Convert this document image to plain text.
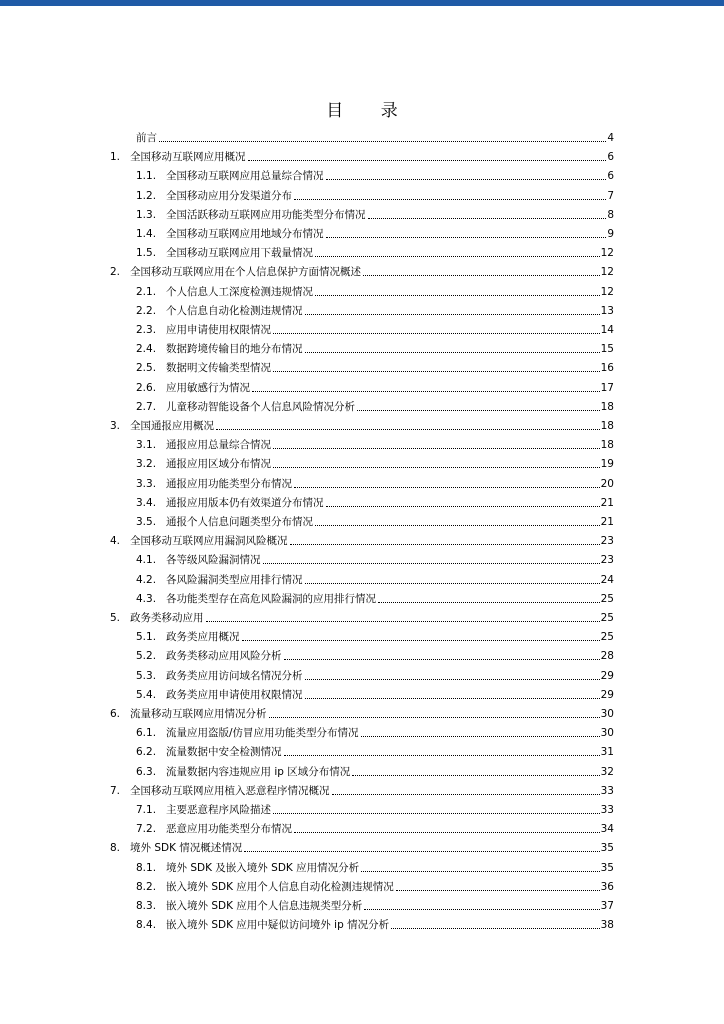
目 录
前言	4
1. 全国移动互联网应用概况	6
1.1. 全国移动互联网应用总量综合情况	6
1.2. 全国移动应用分发渠道分布	7
1.3. 全国活跃移动互联网应用功能类型分布情况	8
1.4. 全国移动互联网应用地域分布情况	9
1.5. 全国移动互联网应用下载量情况	12
2. 全国移动互联网应用在个人信息保护方面情况概述	12
2.1. 个人信息人工深度检测违规情况	12
2.2. 个人信息自动化检测违规情况	13
2.3. 应用申请使用权限情况	14
2.4. 数据跨境传输目的地分布情况	15
2.5. 数据明文传输类型情况	16
2.6. 应用敏感行为情况	17
2.7. 儿童移动智能设备个人信息风险情况分析	18
3. 全国通报应用概况	18
3.1. 通报应用总量综合情况	18
3.2. 通报应用区域分布情况	19
3.3. 通报应用功能类型分布情况	20
3.4. 通报应用版本仍有效渠道分布情况	21
3.5. 通报个人信息问题类型分布情况	21
4. 全国移动互联网应用漏洞风险概况	23
4.1. 各等级风险漏洞情况	23
4.2. 各风险漏洞类型应用排行情况	24
4.3. 各功能类型存在高危风险漏洞的应用排行情况	25
5. 政务类移动应用	25
5.1. 政务类应用概况	25
5.2. 政务类移动应用风险分析	28
5.3. 政务类应用访问域名情况分析	29
5.4. 政务类应用申请使用权限情况	29
6. 流量移动互联网应用情况分析	30
6.1. 流量应用盗版/仿冒应用功能类型分布情况	30
6.2. 流量数据中安全检测情况	31
6.3. 流量数据内容违规应用 ip 区域分布情况	32
7. 全国移动互联网应用植入恶意程序情况概况	33
7.1. 主要恶意程序风险描述	33
7.2. 恶意应用功能类型分布情况	34
8. 境外 SDK 情况概述情况	35
8.1. 境外 SDK 及嵌入境外 SDK 应用情况分析	35
8.2. 嵌入境外 SDK 应用个人信息自动化检测违规情况	36
8.3. 嵌入境外 SDK 应用个人信息违规类型分析	37
8.4. 嵌入境外 SDK 应用中疑似访问境外 ip 情况分析	38
